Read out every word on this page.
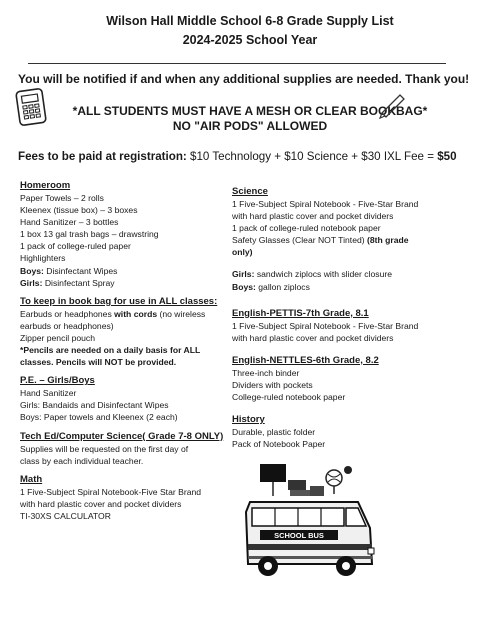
Wilson Hall Middle School 6-8 Grade Supply List
2024-2025 School Year
You will be notified if and when any additional supplies are needed. Thank you!
*ALL STUDENTS MUST HAVE A MESH OR CLEAR BOOKBAG*
NO "AIR PODS" ALLOWED
Fees to be paid at registration: $10 Technology + $10 Science + $30 IXL Fee = $50
Homeroom
Paper Towels – 2 rolls
Kleenex (tissue box) – 3 boxes
Hand Sanitizer – 3 bottles
1 box 13 gal trash bags – drawstring
1 pack of college-ruled paper
Highlighters
Boys: Disinfectant Wipes
Girls: Disinfectant Spray
To keep in book bag for use in ALL classes:
Earbuds or headphones with cords (no wireless
earbuds or headphones)
Zipper pencil pouch
*Pencils are needed on a daily basis for ALL
classes. Pencils will NOT be provided.
P.E. – Girls/Boys
Hand Sanitizer
Girls: Bandaids and Disinfectant Wipes
Boys: Paper towels and Kleenex (2 each)
Tech Ed/Computer Science( Grade 7-8 ONLY)
Supplies will be requested on the first day of
class by each individual teacher.
Math
1 Five-Subject Spiral Notebook-Five Star Brand
with hard plastic cover and pocket dividers
TI-30XS CALCULATOR
Science
1 Five-Subject Spiral Notebook - Five-Star Brand
with hard plastic cover and pocket dividers
1 pack of college-ruled notebook paper
Safety Glasses (Clear NOT Tinted) (8th grade
only)
Girls: sandwich ziplocs with slider closure
Boys: gallon ziplocs
English-PETTIS-7th Grade, 8.1
1 Five-Subject Spiral Notebook - Five-Star Brand
with hard plastic cover and pocket dividers
English-NETTLES-6th Grade, 8.2
Three-inch binder
Dividers with pockets
College-ruled notebook paper
History
Durable, plastic folder
Pack of Notebook Paper
SCHOOL BUS
